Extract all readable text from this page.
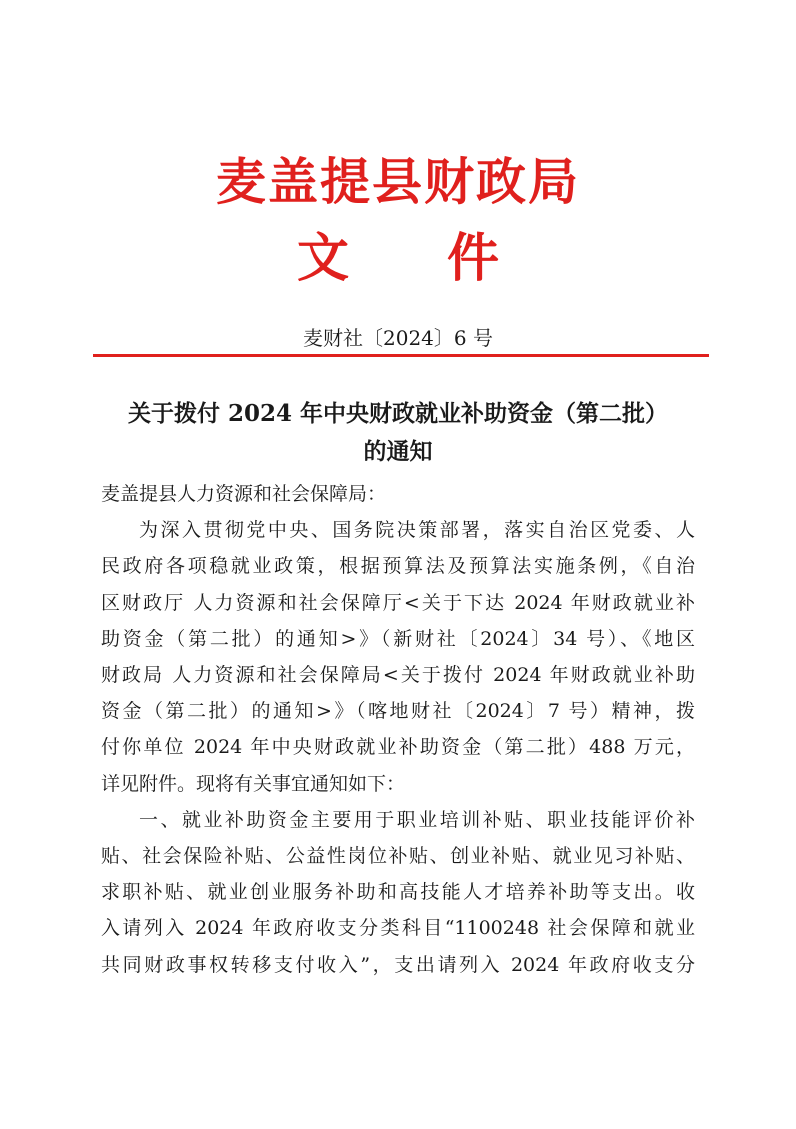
麦盖提县财政局
文 件
麦财社〔2024〕6 号
关于拨付 2024 年中央财政就业补助资金（第二批）
的通知

麦盖提县人力资源和社会保障局：

为深入贯彻党中央、国务院决策部署，落实自治区党委、人
民政府各项稳就业政策，根据预算法及预算法实施条例，《自治
区财政厅 人力资源和社会保障厅<关于下达 2024 年财政就业补
助资金（第二批）的通知>》（新财社〔2024〕34 号）、《地区
财政局 人力资源和社会保障局<关于拨付 2024 年财政就业补助
资金（第二批）的通知>》（喀地财社〔2024〕7 号）精神，拨
付你单位 2024 年中央财政就业补助资金（第二批）488 万元，
详见附件。现将有关事宜通知如下：
一、就业补助资金主要用于职业培训补贴、职业技能评价补
贴、社会保险补贴、公益性岗位补贴、创业补贴、就业见习补贴、
求职补贴、就业创业服务补助和高技能人才培养补助等支出。收
入请列入 2024 年政府收支分类科目“1100248 社会保障和就业
共同财政事权转移支付收入”，支出请列入 2024 年政府收支分
